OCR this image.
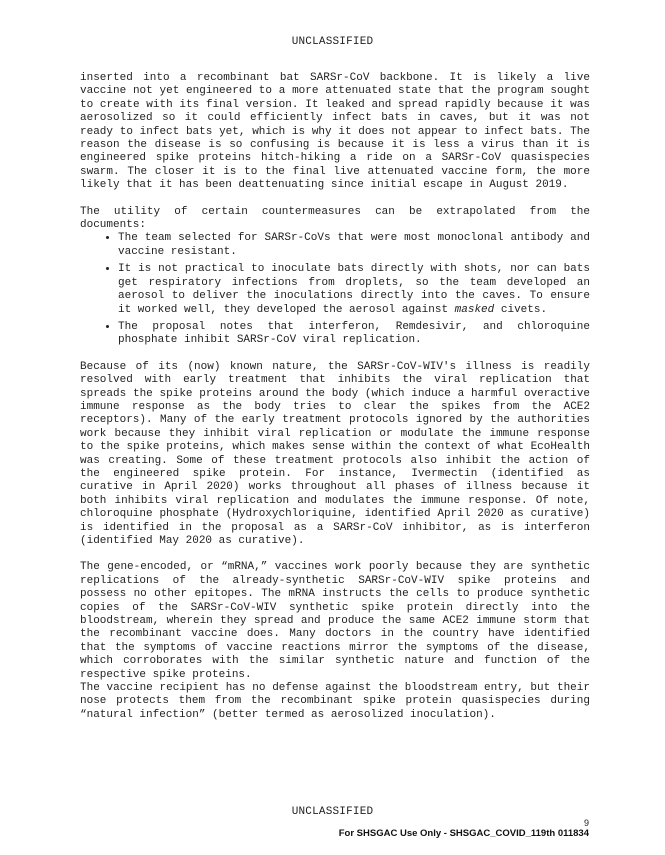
UNCLASSIFIED

inserted into a recombinant bat SARSr-CoV backbone. It is likely a live vaccine not yet engineered to a more attenuated state that the program sought to create with its final version. It leaked and spread rapidly because it was aerosolized so it could efficiently infect bats in caves, but it was not ready to infect bats yet, which is why it does not appear to infect bats. The reason the disease is so confusing is because it is less a virus than it is engineered spike proteins hitch-hiking a ride on a SARSr-CoV quasispecies swarm. The closer it is to the final live attenuated vaccine form, the more likely that it has been deattenuating since initial escape in August 2019.

The utility of certain countermeasures can be extrapolated from the documents:

• The team selected for SARSr-CoVs that were most monoclonal antibody and vaccine resistant.
• It is not practical to inoculate bats directly with shots, nor can bats get respiratory infections from droplets, so the team developed an aerosol to deliver the inoculations directly into the caves. To ensure it worked well, they developed the aerosol against masked civets.
• The proposal notes that interferon, Remdesivir, and chloroquine phosphate inhibit SARSr-CoV viral replication.

Because of its (now) known nature, the SARSr-CoV-WIV's illness is readily resolved with early treatment that inhibits the viral replication that spreads the spike proteins around the body (which induce a harmful overactive immune response as the body tries to clear the spikes from the ACE2 receptors). Many of the early treatment protocols ignored by the authorities work because they inhibit viral replication or modulate the immune response to the spike proteins, which makes sense within the context of what EcoHealth was creating. Some of these treatment protocols also inhibit the action of the engineered spike protein. For instance, Ivermectin (identified as curative in April 2020) works throughout all phases of illness because it both inhibits viral replication and modulates the immune response. Of note, chloroquine phosphate (Hydroxychloriquine, identified April 2020 as curative) is identified in the proposal as a SARSr-CoV inhibitor, as is interferon (identified May 2020 as curative).

The gene-encoded, or “mRNA,” vaccines work poorly because they are synthetic replications of the already-synthetic SARSr-CoV-WIV spike proteins and possess no other epitopes. The mRNA instructs the cells to produce synthetic copies of the SARSr-CoV-WIV synthetic spike protein directly into the bloodstream, wherein they spread and produce the same ACE2 immune storm that the recombinant vaccine does. Many doctors in the country have identified that the symptoms of vaccine reactions mirror the symptoms of the disease, which corroborates with the similar synthetic nature and function of the respective spike proteins.

The vaccine recipient has no defense against the bloodstream entry, but their nose protects them from the recombinant spike protein quasispecies during “natural infection” (better termed as aerosolized inoculation).

UNCLASSIFIED
9
For SHSGAC Use Only - SHSGAC_COVID_119th 011834
